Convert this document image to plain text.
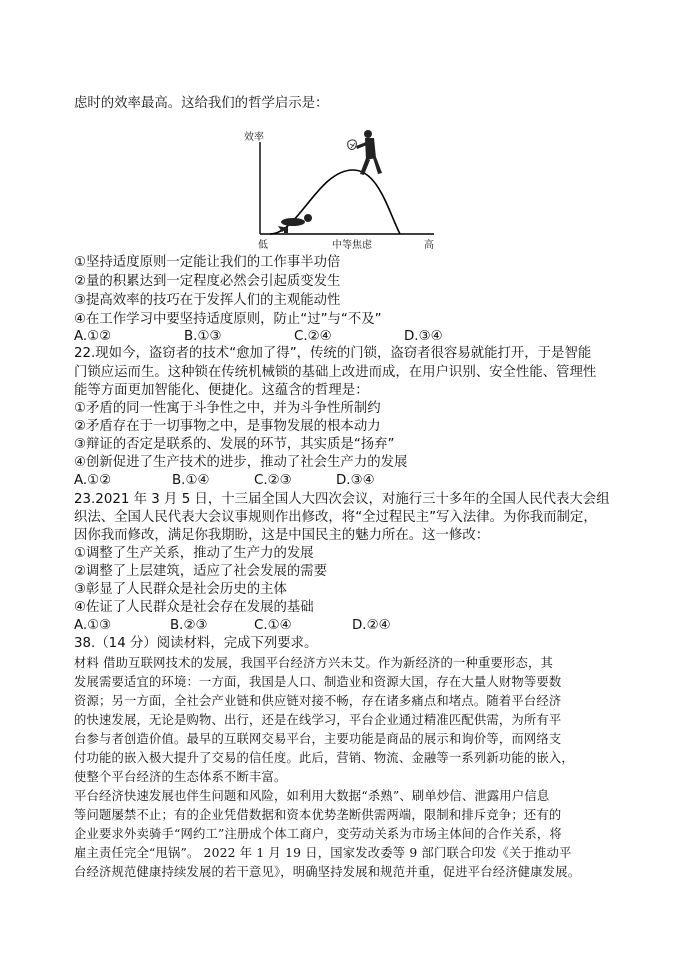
虑时的效率最高。这给我们的哲学启示是：
效率
低	中等焦虑	高
①坚持适度原则一定能让我们的工作事半功倍
②量的积累达到一定程度必然会引起质变发生
③提高效率的技巧在于发挥人们的主观能动性
④在工作学习中要坚持适度原则，防止“过”与“不及”
A.①②	B.①③	C.②④	D.③④
22.现如今，盗窃者的技术“愈加了得”，传统的门锁，盗窃者很容易就能打开，于是智能
门锁应运而生。这种锁在传统机械锁的基础上改进而成，在用户识别、安全性能、管理性
能等方面更加智能化、便捷化。这蕴含的哲理是：
①矛盾的同一性寓于斗争性之中，并为斗争性所制约
②矛盾存在于一切事物之中，是事物发展的根本动力
③辩证的否定是联系的、发展的环节，其实质是“扬弃”
④创新促进了生产技术的进步，推动了社会生产力的发展
A.①②	B.①④	C.②③	D.③④
23.2021 年 3 月 5 日，十三届全国人大四次会议，对施行三十多年的全国人民代表大会组
织法、全国人民代表大会议事规则作出修改，将“全过程民主”写入法律。为你我而制定，
因你我而修改，满足你我期盼，这是中国民主的魅力所在。这一修改：
①调整了生产关系，推动了生产力的发展
②调整了上层建筑，适应了社会发展的需要
③彰显了人民群众是社会历史的主体
④佐证了人民群众是社会存在发展的基础
A.①③	B.②③	C.①④	D.②④
38.（14 分）阅读材料，完成下列要求。
材料 借助互联网技术的发展，我国平台经济方兴未艾。作为新经济的一种重要形态，其
发展需要适宜的环境：一方面，我国是人口、制造业和资源大国，存在大量人财物等要数
资源；另一方面，全社会产业链和供应链对接不畅，存在诸多痛点和堵点。随着平台经济
的快速发展，无论是购物、出行，还是在线学习，平台企业通过精准匹配供需，为所有平
台参与者创造价值。最早的互联网交易平台，主要功能是商品的展示和询价等，而网络支
付功能的嵌入极大提升了交易的信任度。此后，营销、物流、金融等一系列新功能的嵌入，
使整个平台经济的生态体系不断丰富。
平台经济快速发展也伴生问题和风险，如利用大数据“杀熟”、刷单炒信、泄露用户信息
等问题屡禁不止；有的企业凭借数据和资本优势垄断供需两端，限制和排斥竞争；还有的
企业要求外卖骑手“网约工”注册成个体工商户，变劳动关系为市场主体间的合作关系，将
雇主责任完全“甩锅”。 2022 年 1 月 19 日，国家发改委等 9 部门联合印发《关于推动平
台经济规范健康持续发展的若干意见》，明确坚持发展和规范并重，促进平台经济健康发展。
